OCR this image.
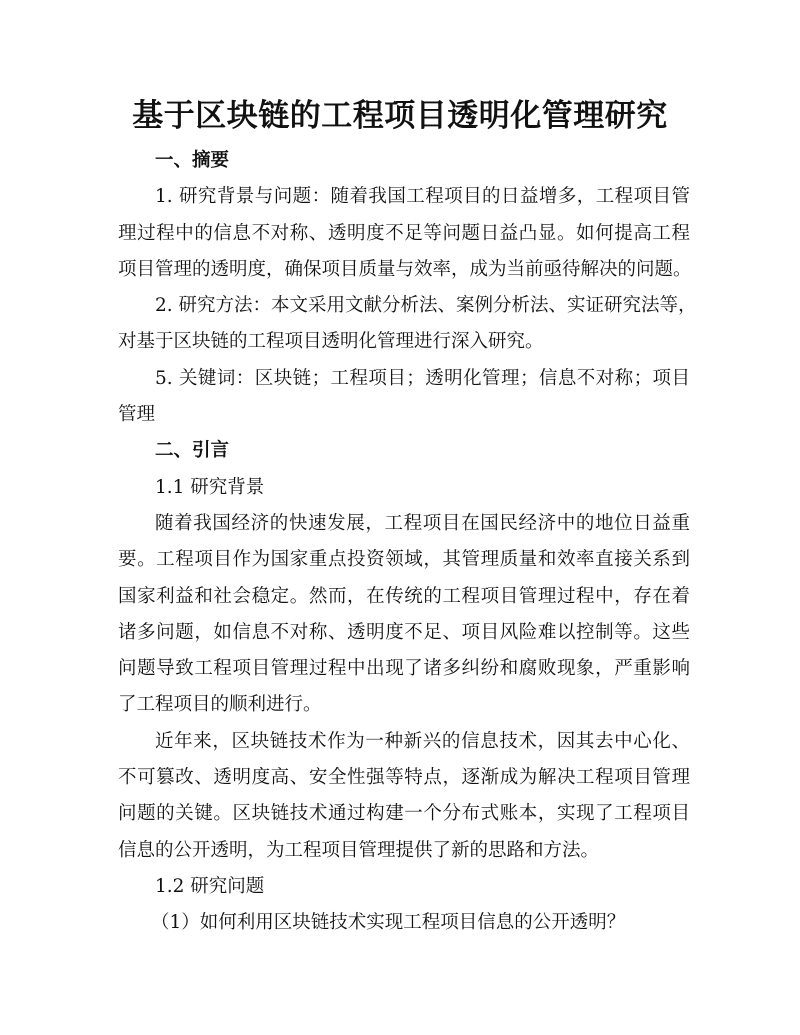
基于区块链的工程项目透明化管理研究
一、摘要
1. 研究背景与问题：随着我国工程项目的日益增多，工程项目管
理过程中的信息不对称、透明度不足等问题日益凸显。如何提高工程
项目管理的透明度，确保项目质量与效率，成为当前亟待解决的问题。
2. 研究方法：本文采用文献分析法、案例分析法、实证研究法等，
对基于区块链的工程项目透明化管理进行深入研究。
5. 关键词：区块链；工程项目；透明化管理；信息不对称；项目
管理
二、引言
1.1 研究背景
随着我国经济的快速发展，工程项目在国民经济中的地位日益重
要。工程项目作为国家重点投资领域，其管理质量和效率直接关系到
国家利益和社会稳定。然而，在传统的工程项目管理过程中，存在着
诸多问题，如信息不对称、透明度不足、项目风险难以控制等。这些
问题导致工程项目管理过程中出现了诸多纠纷和腐败现象，严重影响
了工程项目的顺利进行。
近年来，区块链技术作为一种新兴的信息技术，因其去中心化、
不可篡改、透明度高、安全性强等特点，逐渐成为解决工程项目管理
问题的关键。区块链技术通过构建一个分布式账本，实现了工程项目
信息的公开透明，为工程项目管理提供了新的思路和方法。
1.2 研究问题
（1）如何利用区块链技术实现工程项目信息的公开透明？
